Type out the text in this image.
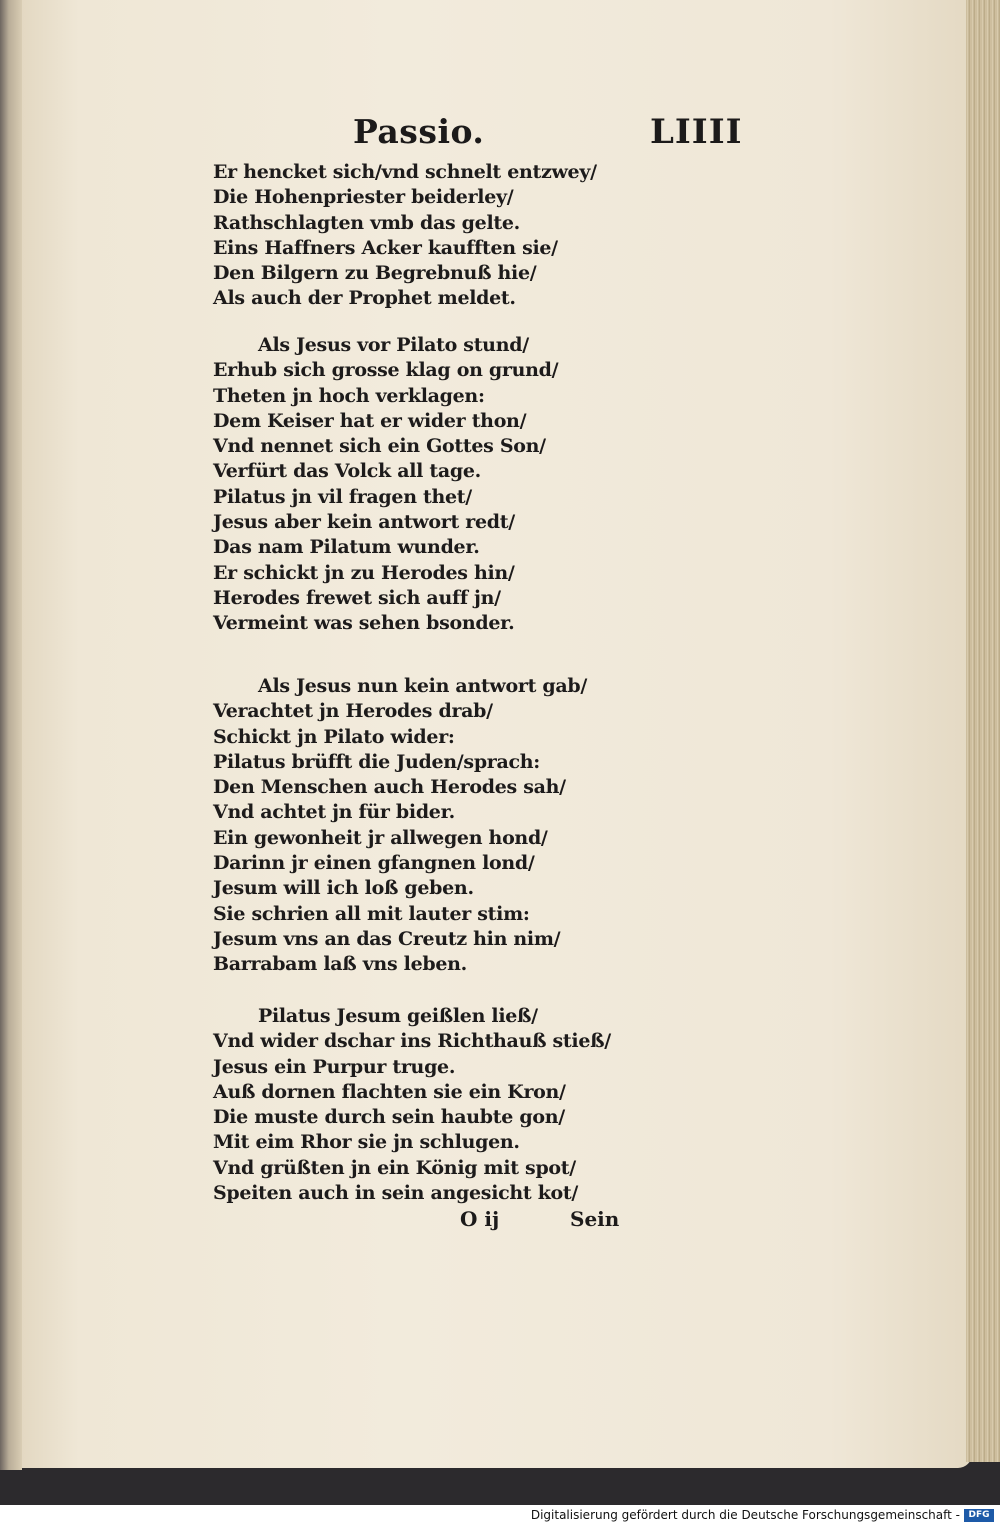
Passio.	LIIII
Er hencket sich/vnd schnelt entzwey/
Die Hohenpriester beiderley/
Rathschlagten vmb das gelte.
Eins Haffners Acker kaufften sie/
Den Bilgern zu Begrebnuß hie/
Als auch der Prophet meldet.
Als Jesus vor Pilato stund/
Erhub sich grosse klag on grund/
Theten jn hoch verklagen:
Dem Keiser hat er wider thon/
Vnd nennet sich ein Gottes Son/
Verfürt das Volck all tage.
Pilatus jn vil fragen thet/
Jesus aber kein antwort redt/
Das nam Pilatum wunder.
Er schickt jn zu Herodes hin/
Herodes frewet sich auff jn/
Vermeint was sehen bsonder.
Als Jesus nun kein antwort gab/
Verachtet jn Herodes drab/
Schickt jn Pilato wider:
Pilatus brüfft die Juden/sprach:
Den Menschen auch Herodes sah/
Vnd achtet jn für bider.
Ein gewonheit jr allwegen hond/
Darinn jr einen gfangnen lond/
Jesum will ich loß geben.
Sie schrien all mit lauter stim:
Jesum vns an das Creutz hin nim/
Barrabam laß vns leben.
Pilatus Jesum geißlen ließ/
Vnd wider dschar ins Richthauß stieß/
Jesus ein Purpur truge.
Auß dornen flachten sie ein Kron/
Die muste durch sein haubte gon/
Mit eim Rhor sie jn schlugen.
Vnd grüßten jn ein König mit spot/
Speiten auch in sein angesicht kot/
O ij	Sein
Digitalisierung gefördert durch die Deutsche Forschungsgemeinschaft - DFG
